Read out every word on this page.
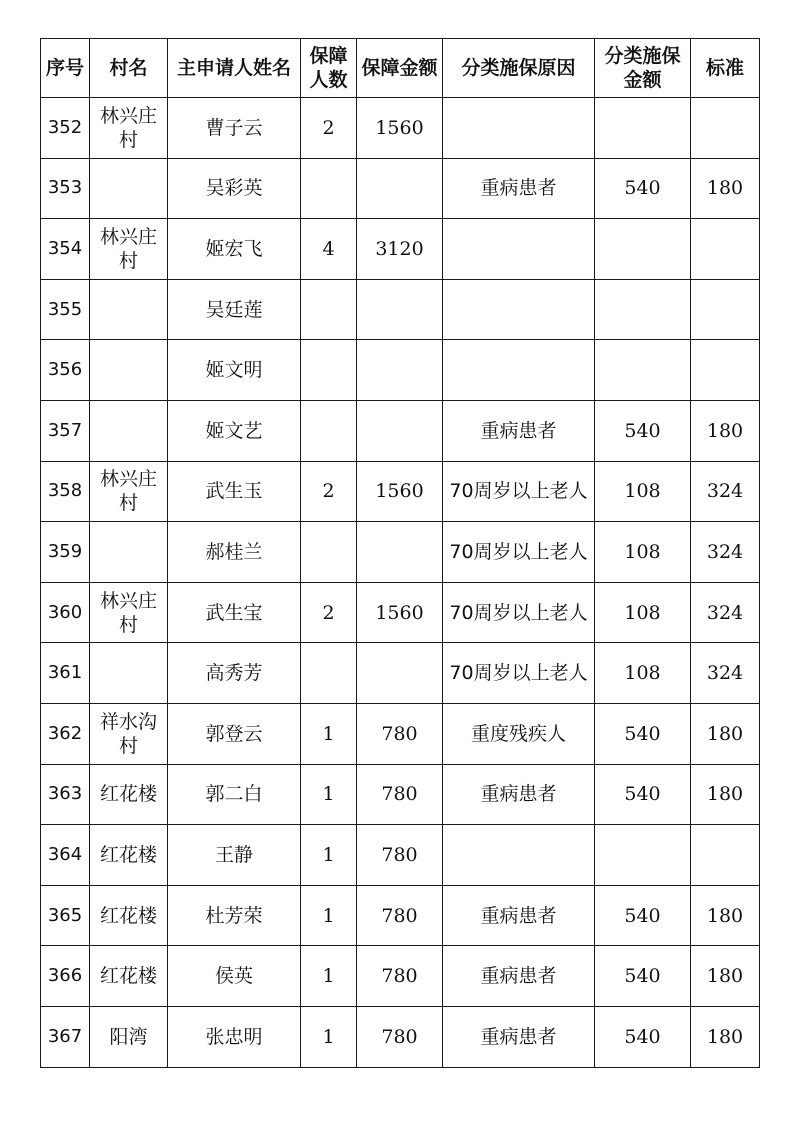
序号	村名	主申请人姓名	保障人数	保障金额	分类施保原因	分类施保金额	标准
352	林兴庄村	曹子云	2	1560			
353		吴彩英			重病患者	540	180
354	林兴庄村	姬宏飞	4	3120			
355		吴廷莲					
356		姬文明					
357		姬文艺			重病患者	540	180
358	林兴庄村	武生玉	2	1560	70周岁以上老人	108	324
359		郝桂兰			70周岁以上老人	108	324
360	林兴庄村	武生宝	2	1560	70周岁以上老人	108	324
361		高秀芳			70周岁以上老人	108	324
362	祥水沟村	郭登云	1	780	重度残疾人	540	180
363	红花楼	郭二白	1	780	重病患者	540	180
364	红花楼	王静	1	780			
365	红花楼	杜芳荣	1	780	重病患者	540	180
366	红花楼	侯英	1	780	重病患者	540	180
367	阳湾	张忠明	1	780	重病患者	540	180
